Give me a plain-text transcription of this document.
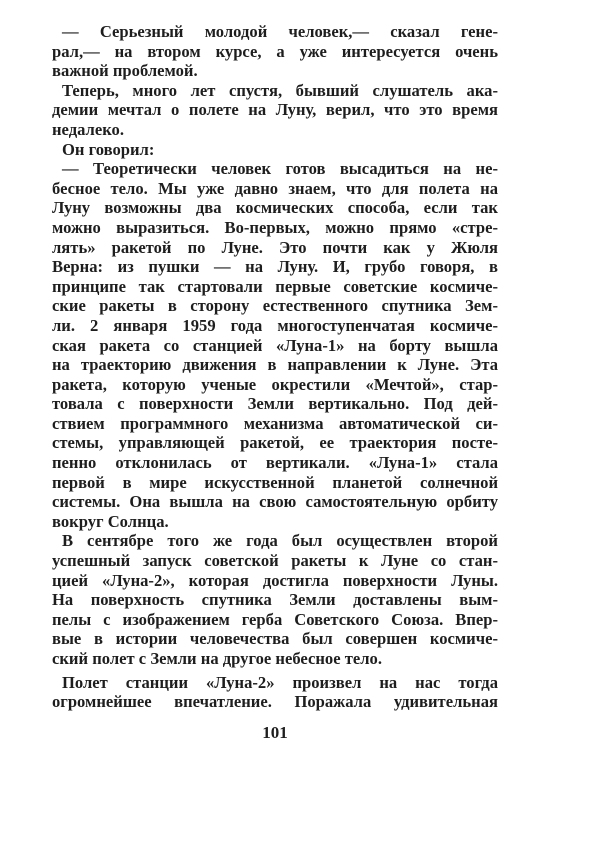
— Серьезный молодой человек,— сказал гене-
рал,— на втором курсе, а уже интересуется очень
важной проблемой.
Теперь, много лет спустя, бывший слушатель ака-
демии мечтал о полете на Луну, верил, что это время
недалеко.
Он говорил:
— Теоретически человек готов высадиться на не-
бесное тело. Мы уже давно знаем, что для полета на
Луну возможны два космических способа, если так
можно выразиться. Во-первых, можно прямо «стре-
лять» ракетой по Луне. Это почти как у Жюля
Верна: из пушки — на Луну. И, грубо говоря, в
принципе так стартовали первые советские космиче-
ские ракеты в сторону естественного спутника Зем-
ли. 2 января 1959 года многоступенчатая космиче-
ская ракета со станцией «Луна-1» на борту вышла
на траекторию движения в направлении к Луне. Эта
ракета, которую ученые окрестили «Мечтой», стар-
товала с поверхности Земли вертикально. Под дей-
ствием программного механизма автоматической си-
стемы, управляющей ракетой, ее траектория посте-
пенно отклонилась от вертикали. «Луна-1» стала
первой в мире искусственной планетой солнечной
системы. Она вышла на свою самостоятельную орбиту
вокруг Солнца.
В сентябре того же года был осуществлен второй
успешный запуск советской ракеты к Луне со стан-
цией «Луна-2», которая достигла поверхности Луны.
На поверхность спутника Земли доставлены вым-
пелы с изображением герба Советского Союза. Впер-
вые в истории человечества был совершен космиче-
ский полет с Земли на другое небесное тело.
Полет станции «Луна-2» произвел на нас тогда
огромнейшее впечатление. Поражала удивительная
101
